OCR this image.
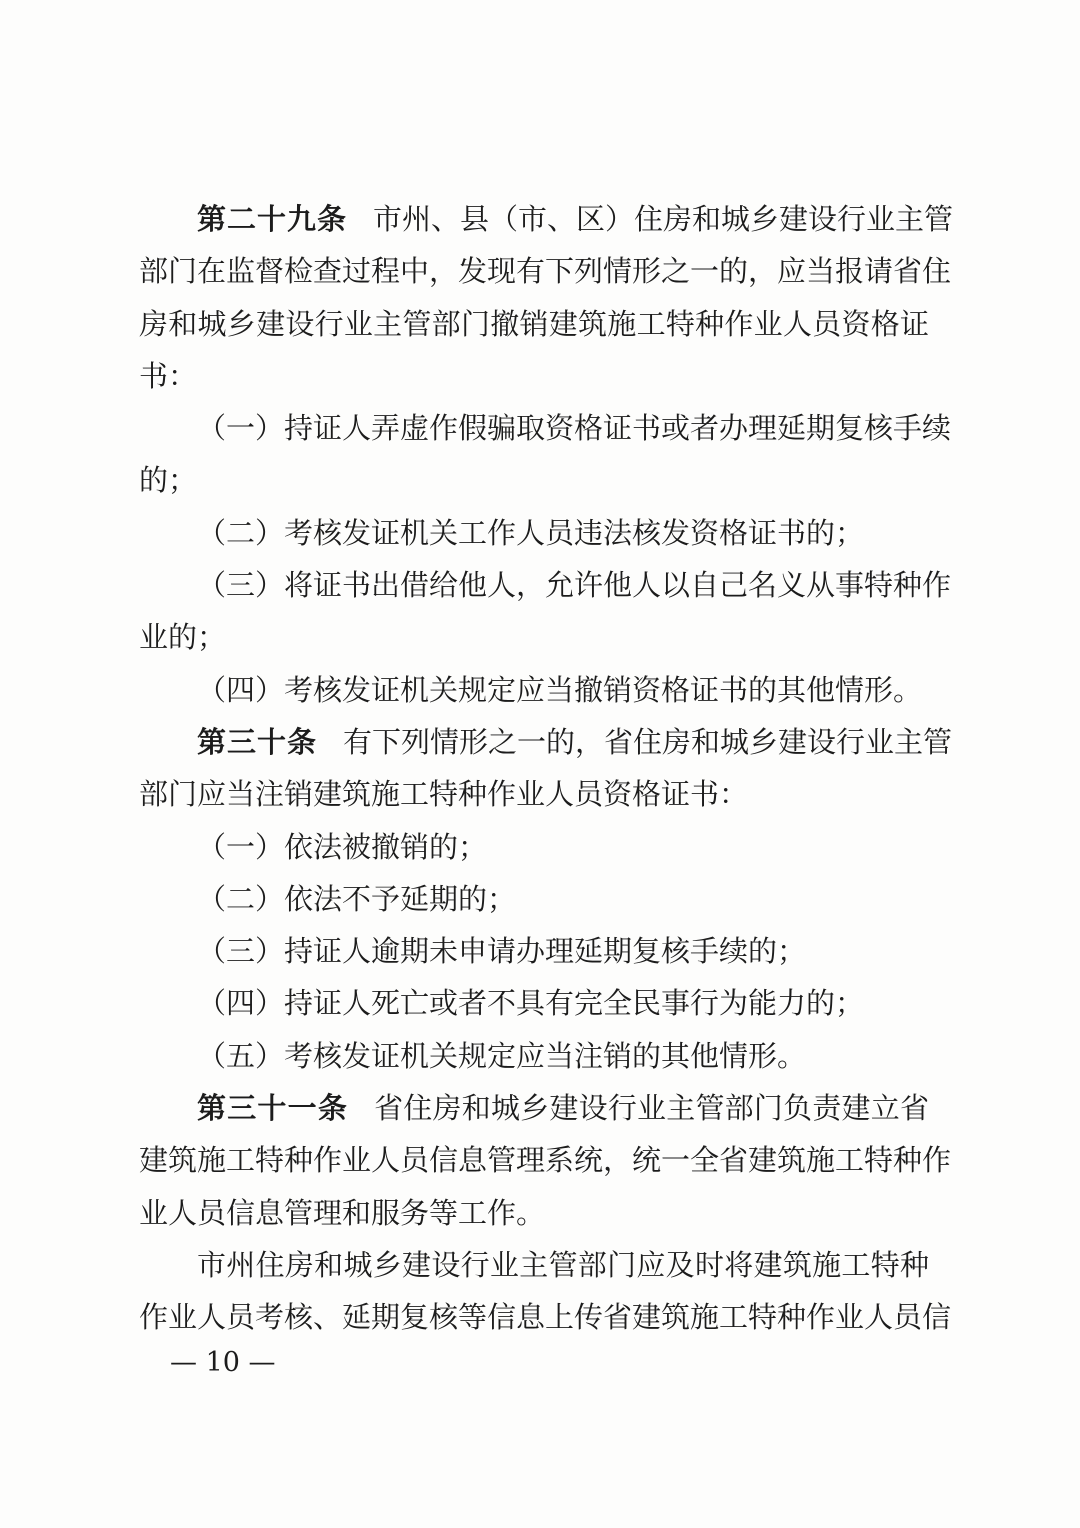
第二十九条 市州、县（市、区）住房和城乡建设行业主管

部门在监督检查过程中，发现有下列情形之一的，应当报请省住

房和城乡建设行业主管部门撤销建筑施工特种作业人员资格证

书：

（一）持证人弄虚作假骗取资格证书或者办理延期复核手续

的；

（二）考核发证机关工作人员违法核发资格证书的；

（三）将证书出借给他人，允许他人以自己名义从事特种作

业的；

（四）考核发证机关规定应当撤销资格证书的其他情形。

第三十条 有下列情形之一的，省住房和城乡建设行业主管

部门应当注销建筑施工特种作业人员资格证书：

（一）依法被撤销的；

（二）依法不予延期的；

（三）持证人逾期未申请办理延期复核手续的；

（四）持证人死亡或者不具有完全民事行为能力的；

（五）考核发证机关规定应当注销的其他情形。

第三十一条 省住房和城乡建设行业主管部门负责建立省

建筑施工特种作业人员信息管理系统，统一全省建筑施工特种作

业人员信息管理和服务等工作。

市州住房和城乡建设行业主管部门应及时将建筑施工特种

作业人员考核、延期复核等信息上传省建筑施工特种作业人员信

— 10 —
